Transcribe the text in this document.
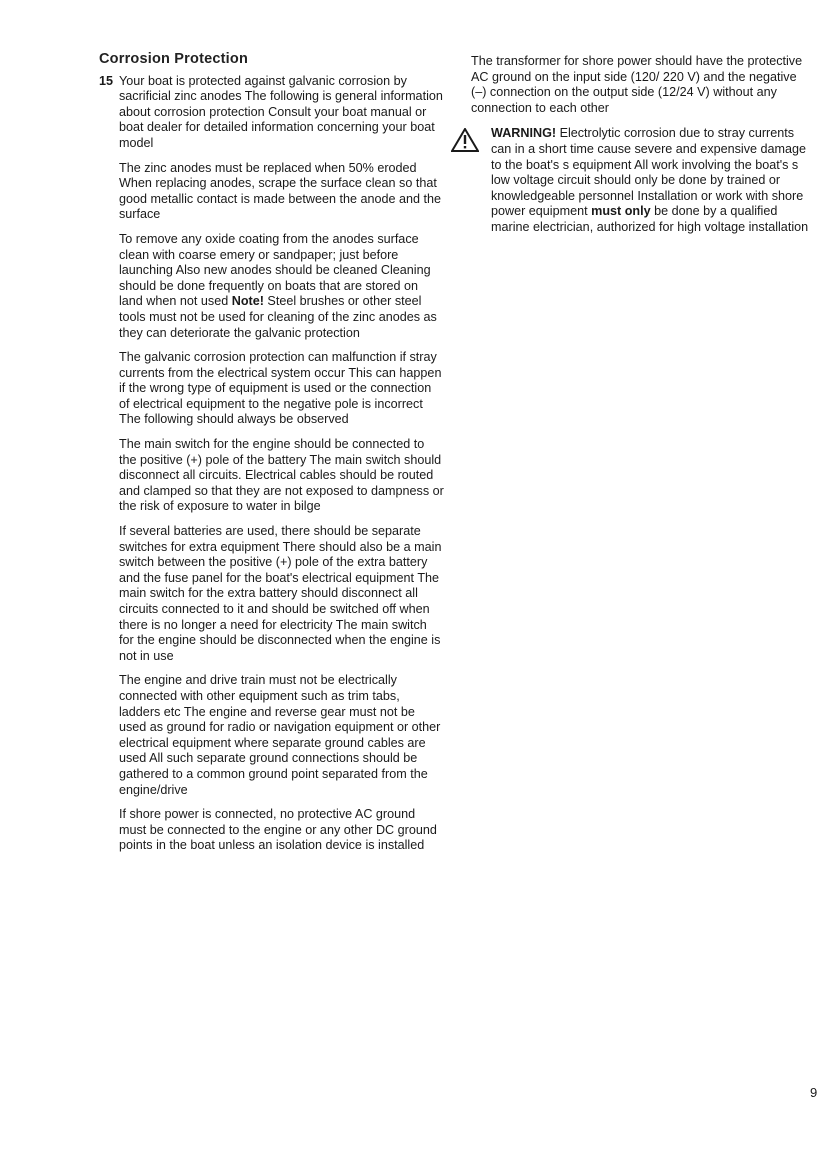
Corrosion Protection
15 Your boat is protected against galvanic corrosion by sacrificial zinc anodes The following is general information about corrosion protection Consult your boat manual or boat dealer for detailed information concerning your boat model
The zinc anodes must be replaced when 50% eroded When replacing anodes, scrape the surface clean so that good metallic contact is made between the anode and the surface
To remove any oxide coating from the anodes surface clean with coarse emery or sandpaper; just before launching Also new anodes should be cleaned Cleaning should be done frequently on boats that are stored on land when not used Note! Steel brushes or other steel tools must not be used for cleaning of the zinc anodes as they can deteriorate the galvanic protection
The galvanic corrosion protection can malfunction if stray currents from the electrical system occur This can happen if the wrong type of equipment is used or the connection of electrical equipment to the negative pole is incorrect The following should always be observed
The main switch for the engine should be connected to the positive (+) pole of the battery The main switch should disconnect all circuits. Electrical cables should be routed and clamped so that they are not exposed to dampness or the risk of exposure to water in bilge
If several batteries are used, there should be separate switches for extra equipment There should also be a main switch between the positive (+) pole of the extra battery and the fuse panel for the boat's electrical equipment The main switch for the extra battery should disconnect all circuits connected to it and should be switched off when there is no longer a need for electricity The main switch for the engine should be disconnected when the engine is not in use
The engine and drive train must not be electrically connected with other equipment such as trim tabs, ladders etc The engine and reverse gear must not be used as ground for radio or navigation equipment or other electrical equipment where separate ground cables are used All such separate ground connections should be gathered to a common ground point separated from the engine/drive
If shore power is connected, no protective AC ground must be connected to the engine or any other DC ground points in the boat unless an isolation device is installed
The transformer for shore power should have the protective AC ground on the input side (120/ 220 V) and the negative (–) connection on the output side (12/24 V) without any connection to each other
WARNING! Electrolytic corrosion due to stray currents can in a short time cause severe and expensive damage to the boat's s equipment All work involving the boat's s low voltage circuit should only be done by trained or knowledgeable personnel Installation or work with shore power equipment must only be done by a qualified marine electrician, authorized for high voltage installation
9
